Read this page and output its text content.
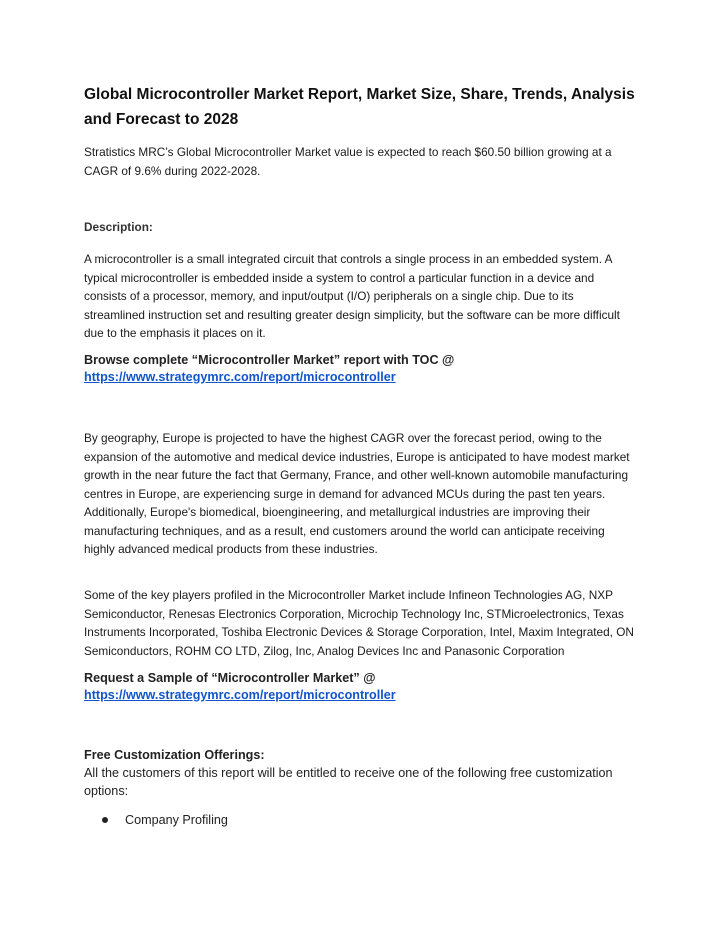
Global Microcontroller Market Report, Market Size, Share, Trends, Analysis and Forecast to 2028

Stratistics MRC’s Global Microcontroller Market value is expected to reach $60.50 billion growing at a CAGR of 9.6% during 2022-2028.

Description:

A microcontroller is a small integrated circuit that controls a single process in an embedded system. A typical microcontroller is embedded inside a system to control a particular function in a device and consists of a processor, memory, and input/output (I/O) peripherals on a single chip. Due to its streamlined instruction set and resulting greater design simplicity, but the software can be more difficult due to the emphasis it places on it.

Browse complete “Microcontroller Market” report with TOC @
https://www.strategymrc.com/report/microcontroller

By geography, Europe is projected to have the highest CAGR over the forecast period, owing to the expansion of the automotive and medical device industries, Europe is anticipated to have modest market growth in the near future the fact that Germany, France, and other well-known automobile manufacturing centres in Europe, are experiencing surge in demand for advanced MCUs during the past ten years. Additionally, Europe's biomedical, bioengineering, and metallurgical industries are improving their manufacturing techniques, and as a result, end customers around the world can anticipate receiving highly advanced medical products from these industries.

Some of the key players profiled in the Microcontroller Market include Infineon Technologies AG, NXP Semiconductor, Renesas Electronics Corporation, Microchip Technology Inc, STMicroelectronics, Texas Instruments Incorporated, Toshiba Electronic Devices & Storage Corporation, Intel, Maxim Integrated, ON Semiconductors, ROHM CO LTD, Zilog, Inc, Analog Devices Inc and Panasonic Corporation

Request a Sample of “Microcontroller Market” @
https://www.strategymrc.com/report/microcontroller
Free Customization Offerings:

All the customers of this report will be entitled to receive one of the following free customization options:

Company Profiling
